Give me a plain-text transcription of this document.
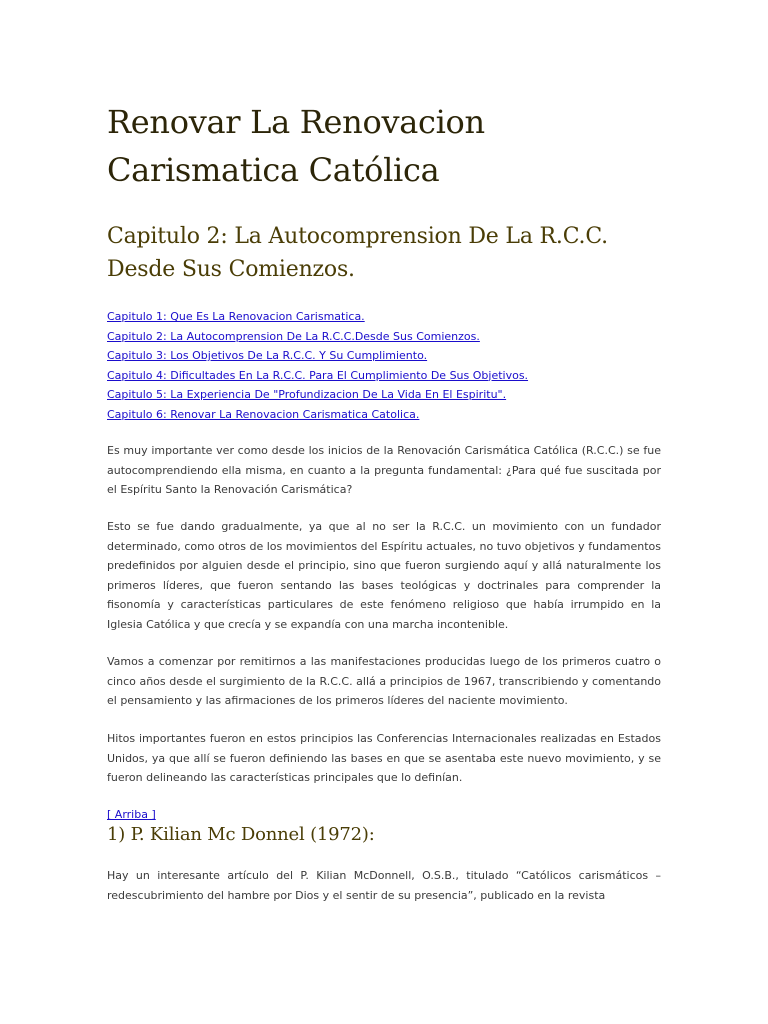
Renovar La Renovacion Carismatica Católica
Capitulo 2: La Autocomprension De La R.C.C. Desde Sus Comienzos.
Capitulo 1: Que Es La Renovacion Carismatica.
Capitulo 2: La Autocomprension De La R.C.C.Desde Sus Comienzos.
Capitulo 3: Los Objetivos De La R.C.C. Y Su Cumplimiento.
Capitulo 4: Dificultades En La R.C.C. Para El Cumplimiento De Sus Objetivos.
Capitulo 5: La Experiencia De "Profundizacion De La Vida En El Espiritu".
Capitulo 6: Renovar La Renovacion Carismatica Catolica.

Es muy importante ver como desde los inicios de la Renovación Carismática Católica (R.C.C.) se fue autocomprendiendo ella misma, en cuanto a la pregunta fundamental: ¿Para qué fue suscitada por el Espíritu Santo la Renovación Carismática?

Esto se fue dando gradualmente, ya que al no ser la R.C.C. un movimiento con un fundador determinado, como otros de los movimientos del Espíritu actuales, no tuvo objetivos y fundamentos predefinidos por alguien desde el principio, sino que fueron surgiendo aquí y allá naturalmente los primeros líderes, que fueron sentando las bases teológicas y doctrinales para comprender la fisonomía y características particulares de este fenómeno religioso que había irrumpido en la Iglesia Católica y que crecía y se expandía con una marcha incontenible.

Vamos a comenzar por remitirnos a las manifestaciones producidas luego de los primeros cuatro o cinco años desde el surgimiento de la R.C.C. allá a principios de 1967, transcribiendo y comentando el pensamiento y las afirmaciones de los primeros líderes del naciente movimiento.

Hitos importantes fueron en estos principios las Conferencias Internacionales realizadas en Estados Unidos, ya que allí se fueron definiendo las bases en que se asentaba este nuevo movimiento, y se fueron delineando las características principales que lo definían.

[ Arriba ]
1) P. Kilian Mc Donnel (1972):

Hay un interesante artículo del P. Kilian McDonnell, O.S.B., titulado “Católicos carismáticos – redescubrimiento del hambre por Dios y el sentir de su presencia”, publicado en la revista
